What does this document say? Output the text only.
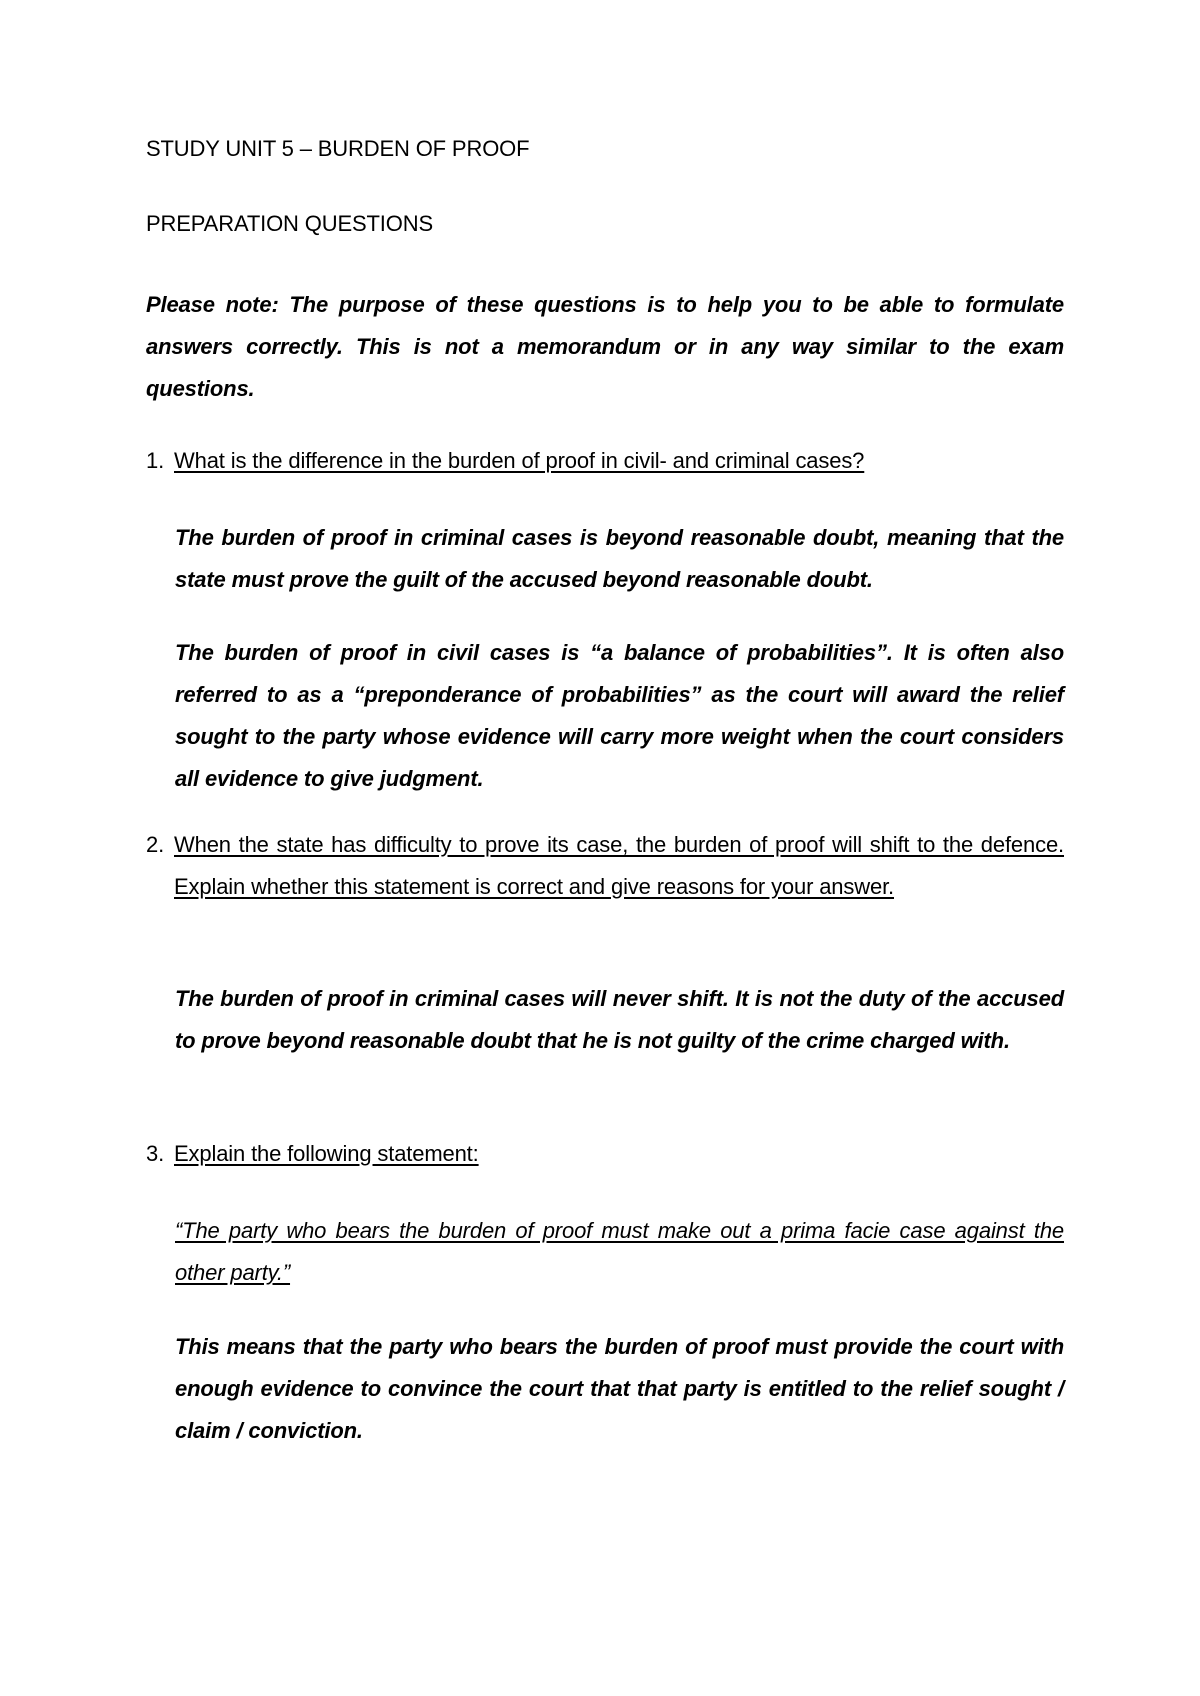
STUDY UNIT 5 – BURDEN OF PROOF
PREPARATION QUESTIONS
Please note: The purpose of these questions is to help you to be able to formulate answers correctly. This is not a memorandum or in any way similar to the exam questions.
1. What is the difference in the burden of proof in civil- and criminal cases?
The burden of proof in criminal cases is beyond reasonable doubt, meaning that the state must prove the guilt of the accused beyond reasonable doubt.
The burden of proof in civil cases is “a balance of probabilities”. It is often also referred to as a “preponderance of probabilities” as the court will award the relief sought to the party whose evidence will carry more weight when the court considers all evidence to give judgment.
2. When the state has difficulty to prove its case, the burden of proof will shift to the defence. Explain whether this statement is correct and give reasons for your answer.
The burden of proof in criminal cases will never shift. It is not the duty of the accused to prove beyond reasonable doubt that he is not guilty of the crime charged with.
3. Explain the following statement:
“The party who bears the burden of proof must make out a prima facie case against the other party.”
This means that the party who bears the burden of proof must provide the court with enough evidence to convince the court that that party is entitled to the relief sought / claim / conviction.
